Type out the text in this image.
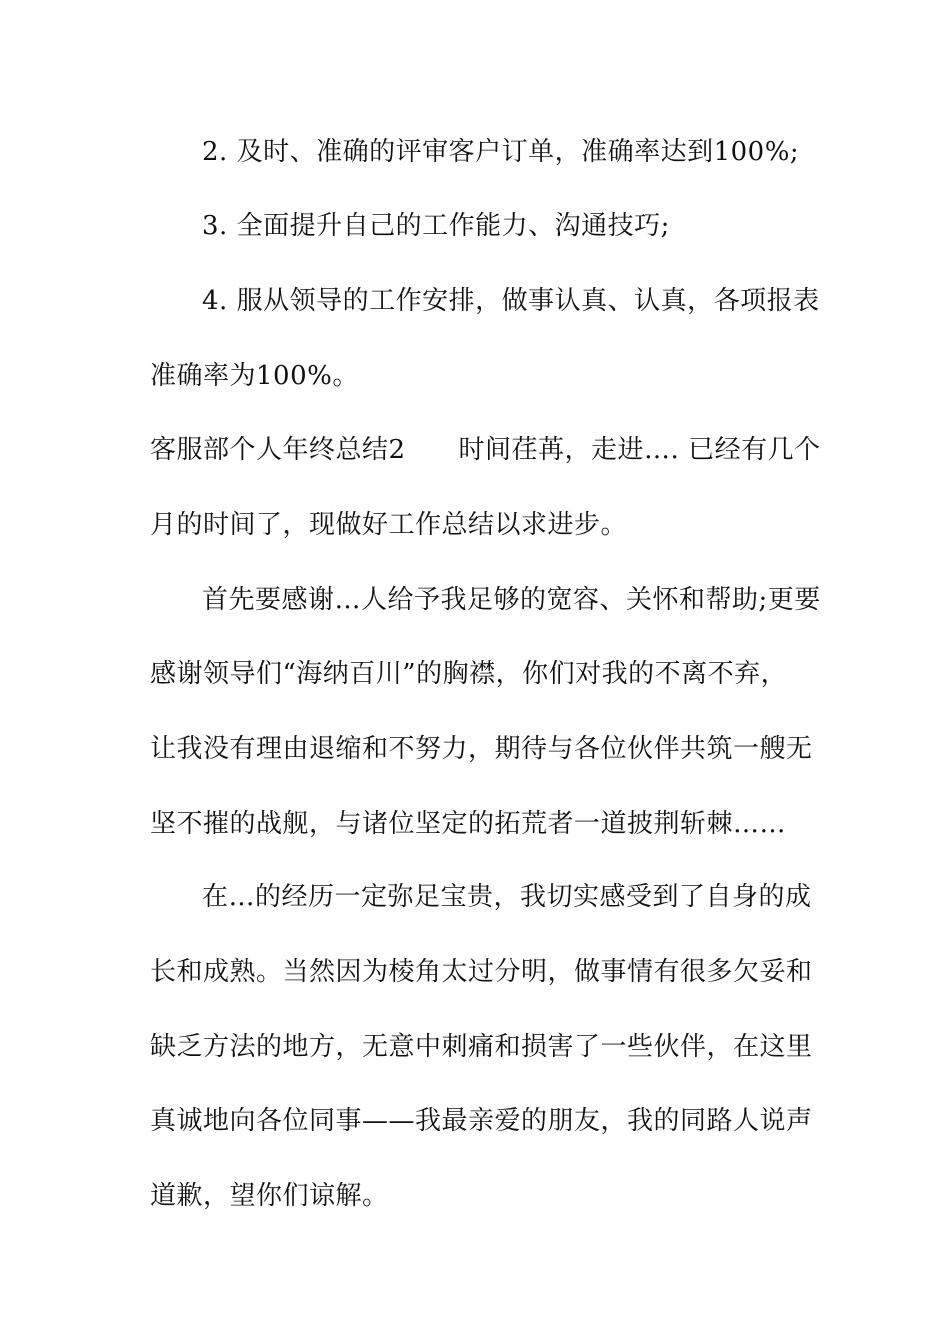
2. 及时、准确的评审客户订单，准确率达到100%;
3. 全面提升自己的工作能力、沟通技巧;
4. 服从领导的工作安排，做事认真、认真，各项报表
准确率为100%。
客服部个人年终总结2　　时间荏苒，走进…. 已经有几个
月的时间了，现做好工作总结以求进步。
首先要感谢…人给予我足够的宽容、关怀和帮助;更要
感谢领导们“海纳百川”的胸襟，你们对我的不离不弃，
让我没有理由退缩和不努力，期待与各位伙伴共筑一艘无
坚不摧的战舰，与诸位坚定的拓荒者一道披荆斩棘……
在…的经历一定弥足宝贵，我切实感受到了自身的成
长和成熟。当然因为棱角太过分明，做事情有很多欠妥和
缺乏方法的地方，无意中刺痛和损害了一些伙伴，在这里
真诚地向各位同事——我最亲爱的朋友，我的同路人说声
道歉，望你们谅解。
